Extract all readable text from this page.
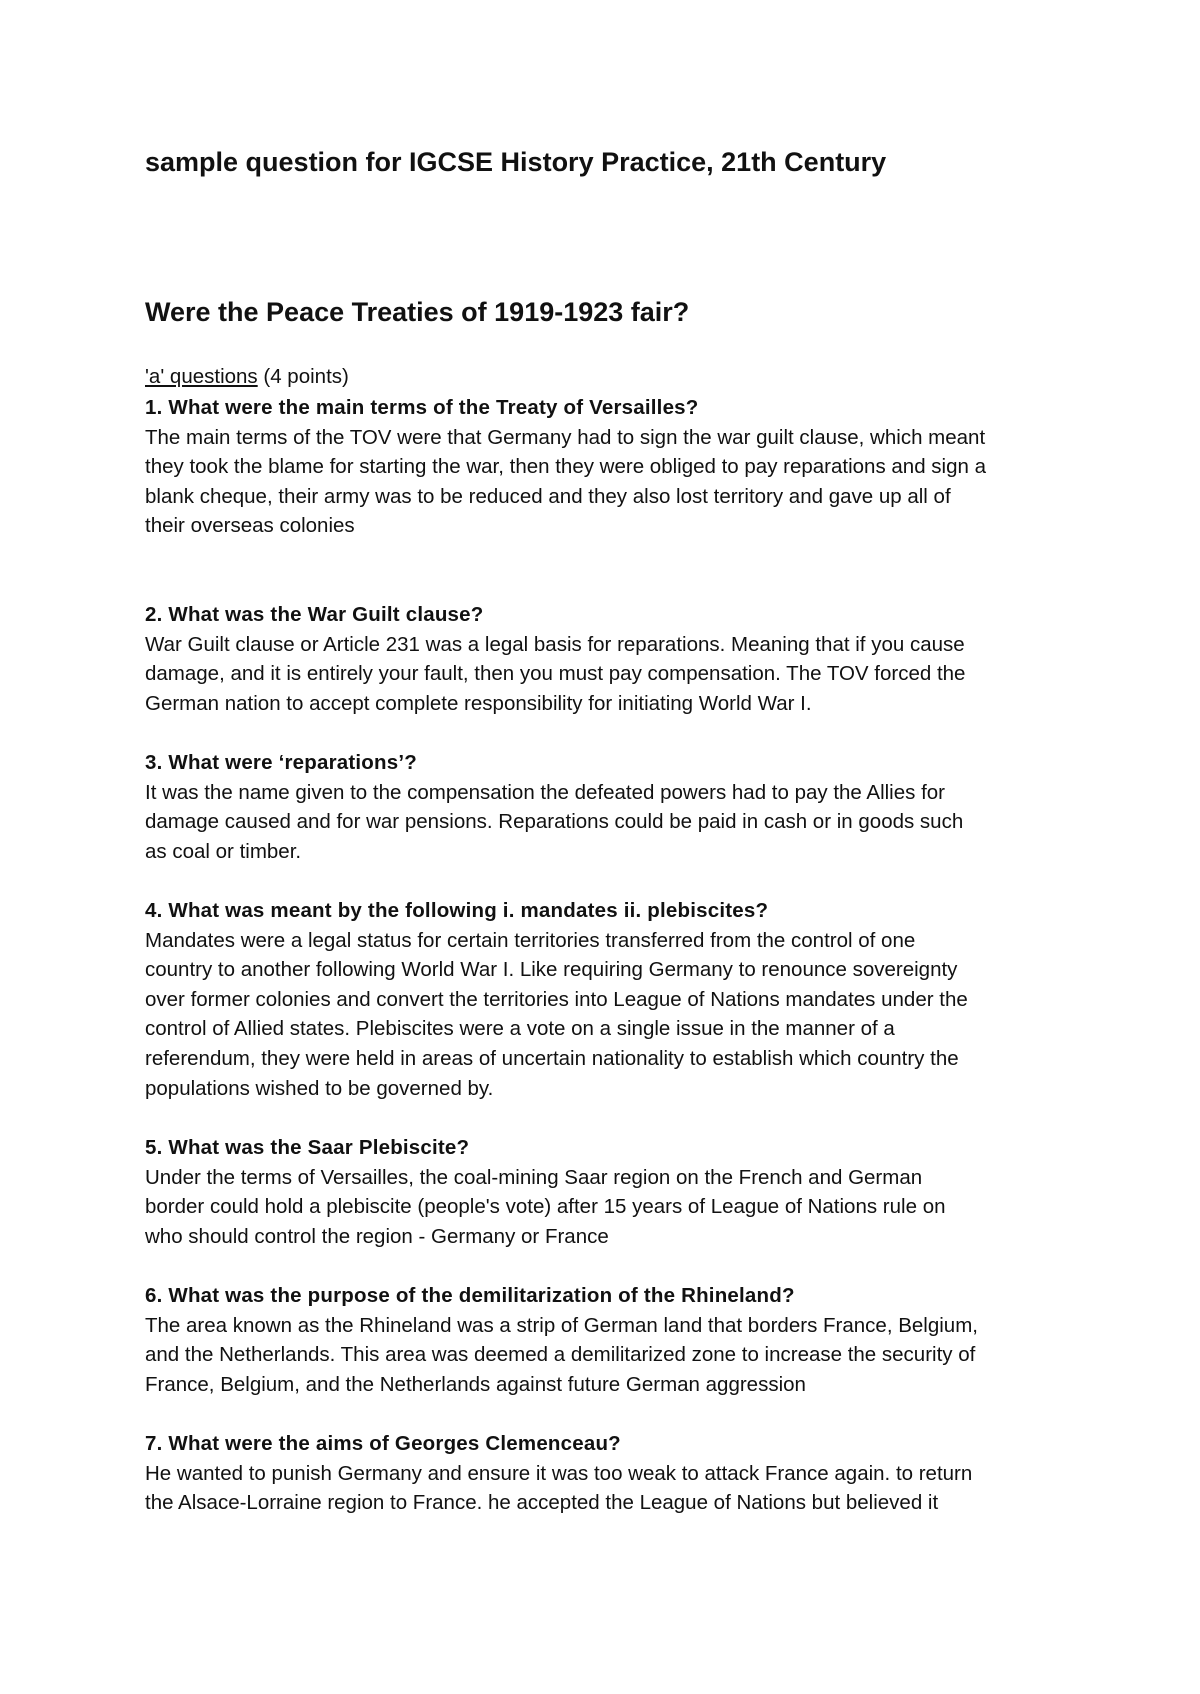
sample question for IGCSE History Practice, 21th Century
Were the Peace Treaties of 1919-1923 fair?

'a' questions (4 points)

1. What were the main terms of the Treaty of Versailles?

The main terms of the TOV were that Germany had to sign the war guilt clause, which meant
they took the blame for starting the war, then they were obliged to pay reparations and sign a
blank cheque, their army was to be reduced and they also lost territory and gave up all of
their overseas colonies

2. What was the War Guilt clause?

War Guilt clause or Article 231 was a legal basis for reparations. Meaning that if you cause
damage, and it is entirely your fault, then you must pay compensation. The TOV forced the
German nation to accept complete responsibility for initiating World War I.

3. What were ‘reparations’?

It was the name given to the compensation the defeated powers had to pay the Allies for
damage caused and for war pensions. Reparations could be paid in cash or in goods such
as coal or timber.

4. What was meant by the following i. mandates ii. plebiscites?

Mandates were a legal status for certain territories transferred from the control of one
country to another following World War I. Like requiring Germany to renounce sovereignty
over former colonies and convert the territories into League of Nations mandates under the
control of Allied states. Plebiscites were a vote on a single issue in the manner of a
referendum, they were held in areas of uncertain nationality to establish which country the
populations wished to be governed by.

5. What was the Saar Plebiscite?

Under the terms of Versailles, the coal-mining Saar region on the French and German
border could hold a plebiscite (people's vote) after 15 years of League of Nations rule on
who should control the region - Germany or France

6. What was the purpose of the demilitarization of the Rhineland?

The area known as the Rhineland was a strip of German land that borders France, Belgium,
and the Netherlands. This area was deemed a demilitarized zone to increase the security of
France, Belgium, and the Netherlands against future German aggression

7. What were the aims of Georges Clemenceau?

He wanted to punish Germany and ensure it was too weak to attack France again. to return
the Alsace-Lorraine region to France. he accepted the League of Nations but believed it
